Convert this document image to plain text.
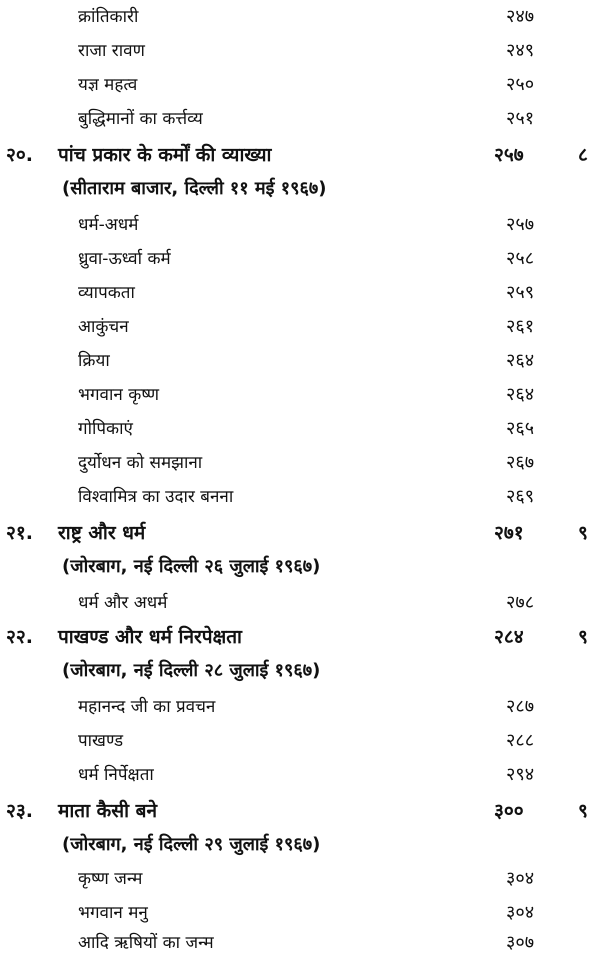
क्रांतिकारी	२४७
राजा रावण	२४९
यज्ञ महत्व	२५०
बुद्धिमानों का कर्त्तव्य	२५१
२०. पांच प्रकार के कर्मों की व्याख्या	२५७	८
(सीताराम बाजार, दिल्ली ११ मई १९६७)
धर्म-अधर्म	२५७
ध्रुवा-ऊर्ध्वा कर्म	२५८
व्यापकता	२५९
आकुंचन	२६१
क्रिया	२६४
भगवान कृष्ण	२६४
गोपिकाएं	२६५
दुर्योधन को समझाना	२६७
विश्वामित्र का उदार बनना	२६९
२१. राष्ट्र और धर्म	२७१	९
(जोरबाग, नई दिल्ली २६ जुलाई १९६७)
धर्म और अधर्म	२७८
२२. पाखण्ड और धर्म निरपेक्षता	२८४	९
(जोरबाग, नई दिल्ली २८ जुलाई १९६७)
महानन्द जी का प्रवचन	२८७
पाखण्ड	२८८
धर्म निर्पेक्षता	२९४
२३. माता कैसी बने	३००	९
(जोरबाग, नई दिल्ली २९ जुलाई १९६७)
कृष्ण जन्म	३०४
भगवान मनु	३०४
आदि ऋषियों का जन्म	३०७
